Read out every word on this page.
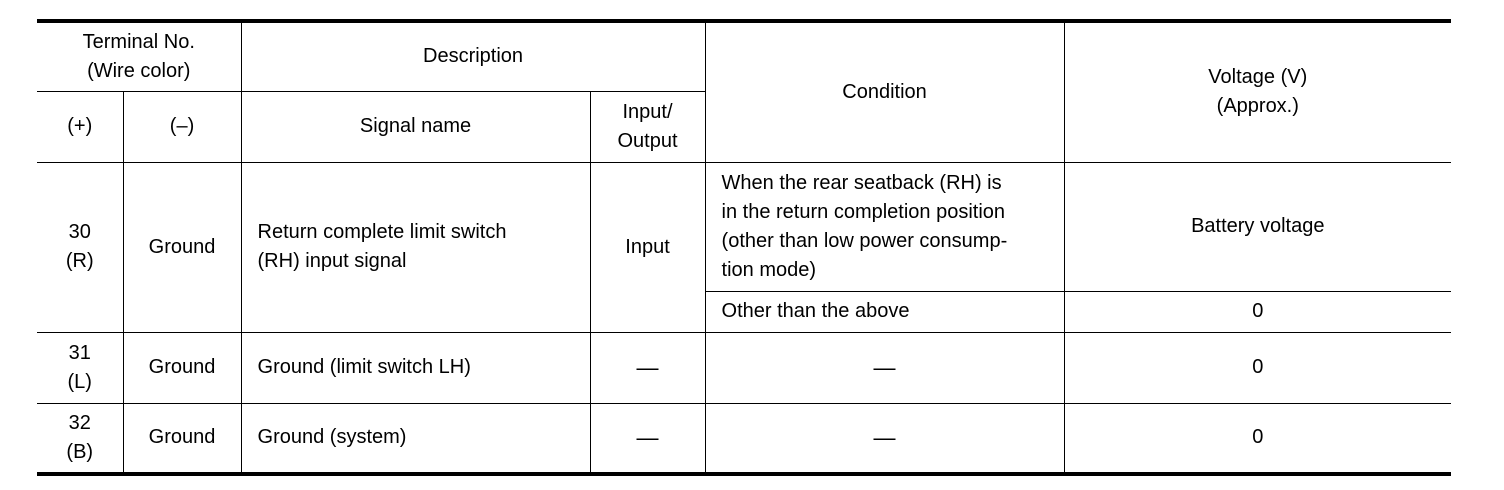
Terminal No.
(Wire color)		Description		Condition	Voltage (V)
(Approx.)

(+)	(–)	Signal name	Input/
Output		

30
(R)	Ground	Return complete limit switch
(RH) input signal	Input	When the rear seatback (RH) is
in the return completion position
(other than low power consump-
tion mode)	Battery voltage
				Other than the above	0

31
(L)	Ground	Ground (limit switch LH)	—	—	0

32
(B)	Ground	Ground (system)	—	—	0
